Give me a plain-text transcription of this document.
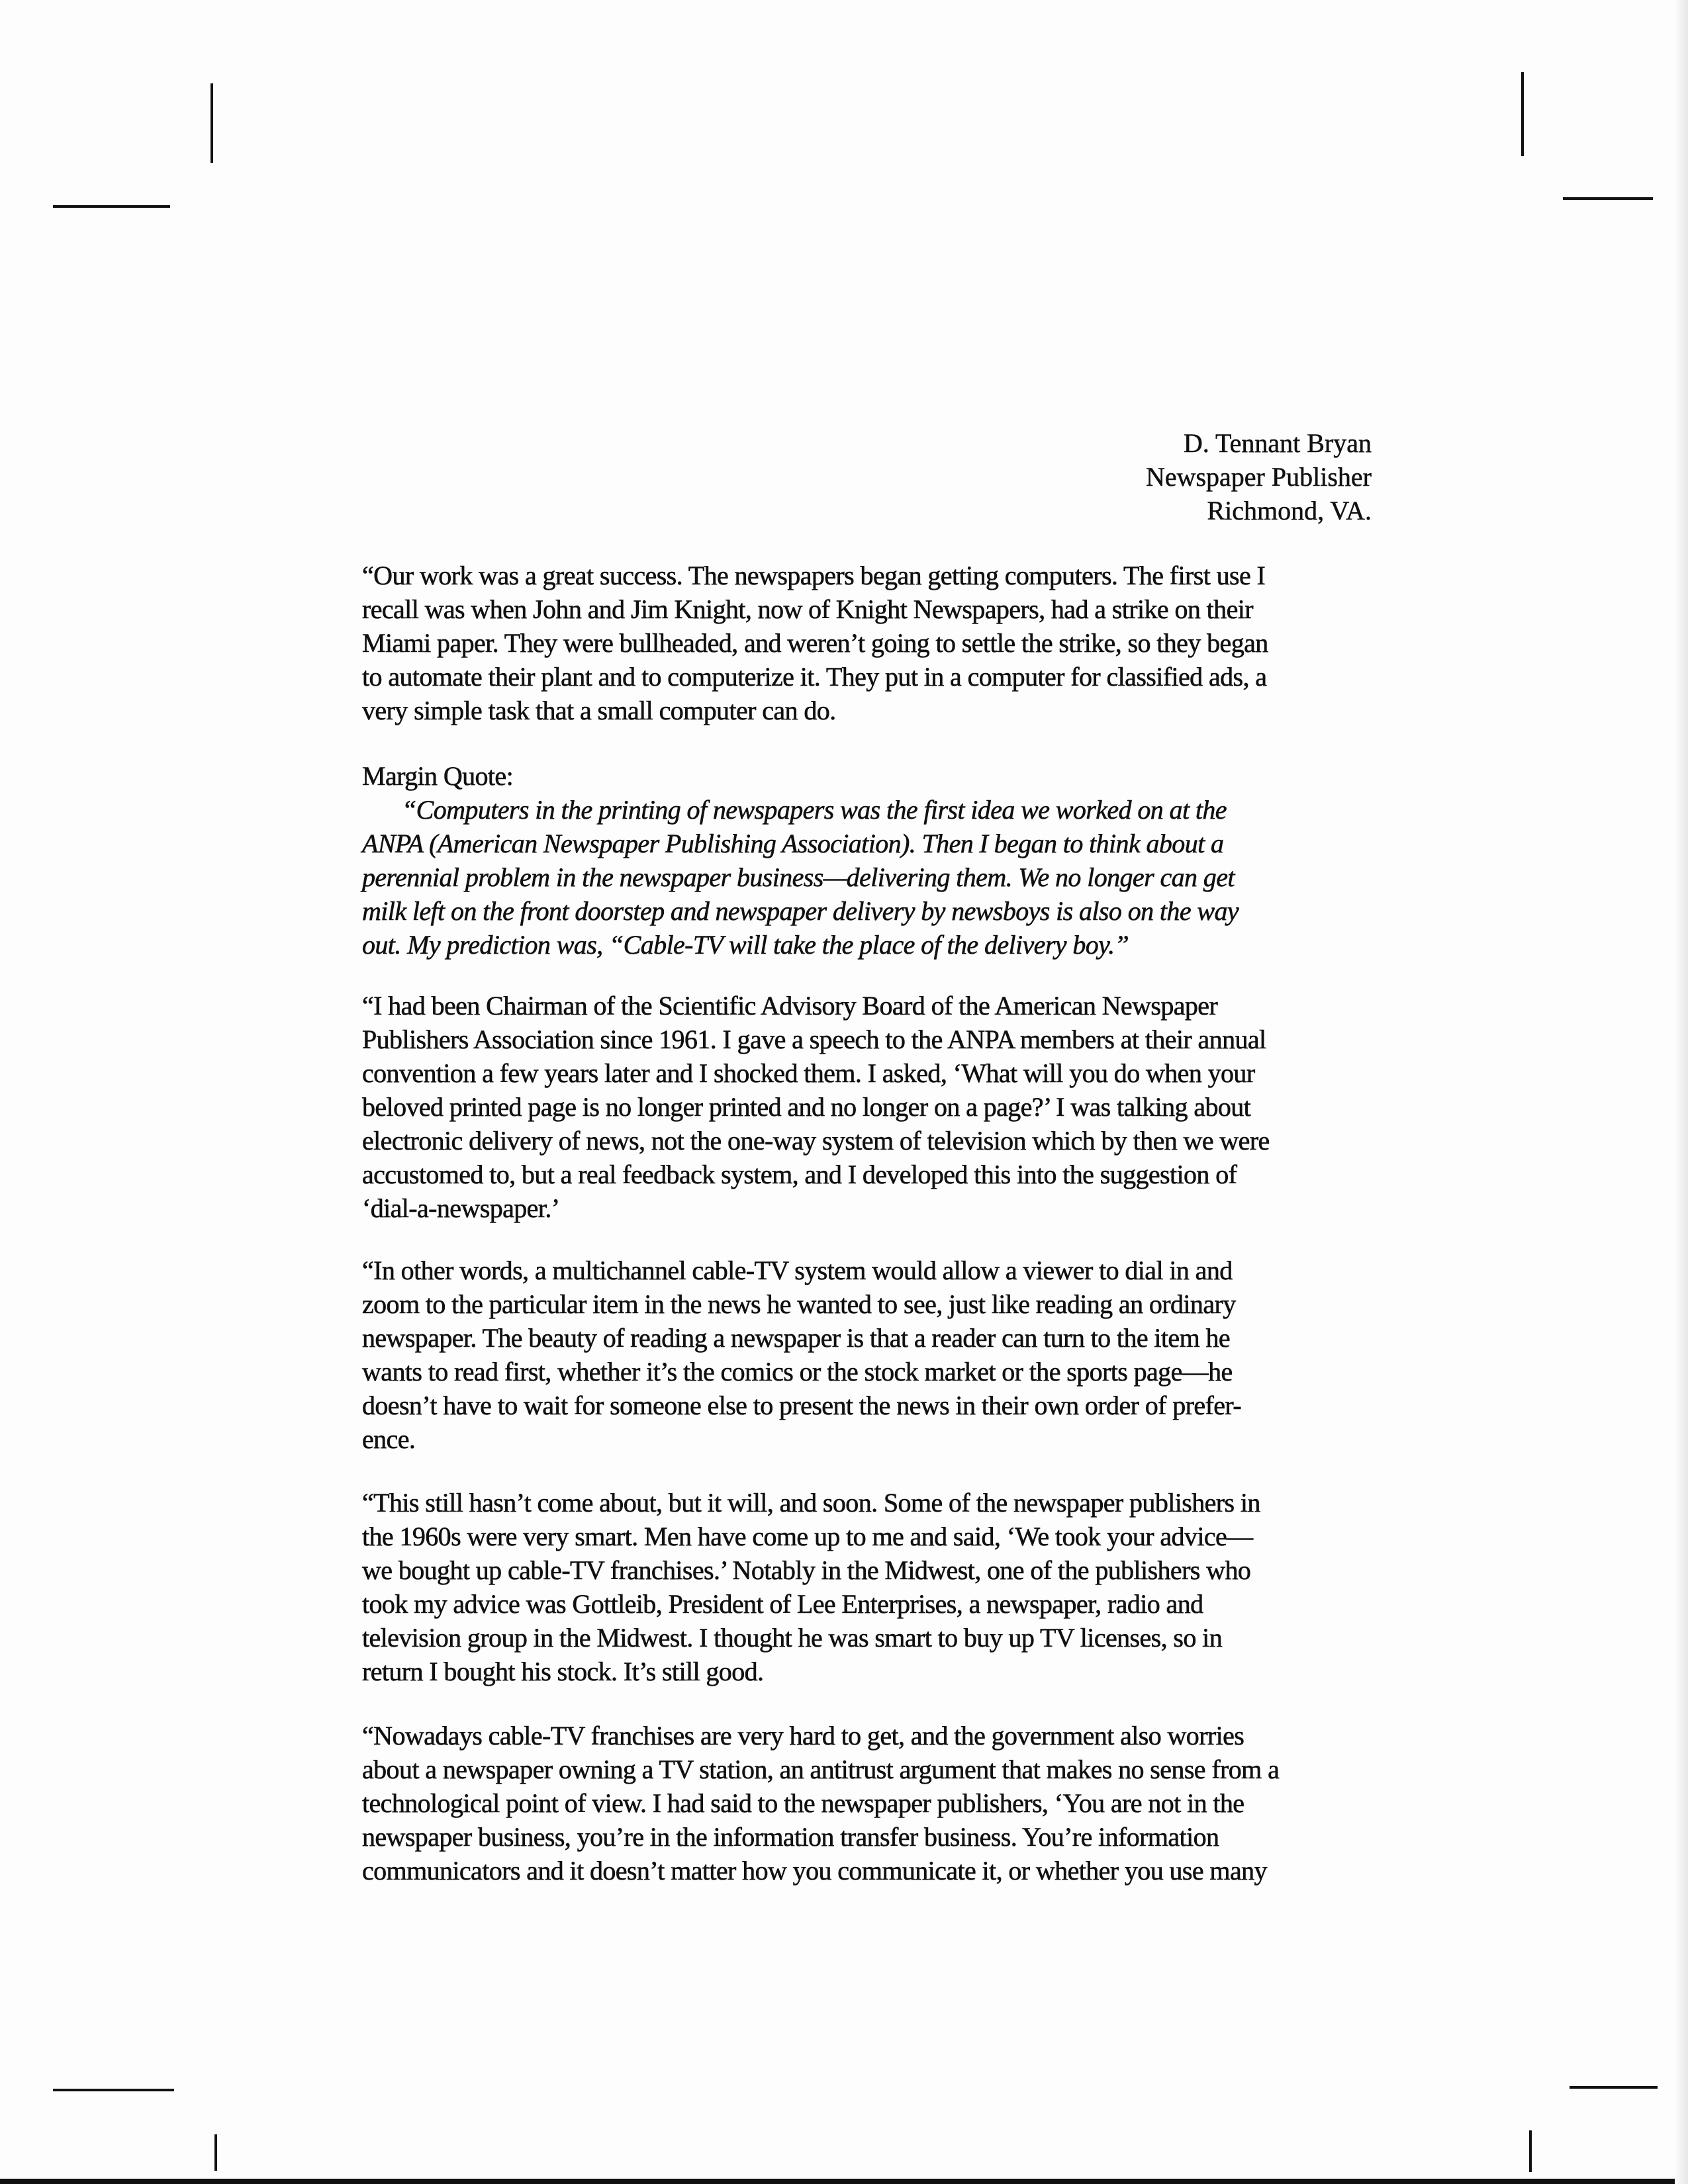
D. Tennant Bryan
Newspaper Publisher
Richmond, VA.
“Our work was a great success. The newspapers began getting computers. The first use I
recall was when John and Jim Knight, now of Knight Newspapers, had a strike on their
Miami paper. They were bullheaded, and weren’t going to settle the strike, so they began
to automate their plant and to computerize it. They put in a computer for classified ads, a
very simple task that a small computer can do.
Margin Quote:
“Computers in the printing of newspapers was the first idea we worked on at the
ANPA (American Newspaper Publishing Association). Then I began to think about a
perennial problem in the newspaper business—delivering them. We no longer can get
milk left on the front doorstep and newspaper delivery by newsboys is also on the way
out. My prediction was, “Cable-TV will take the place of the delivery boy.”
“I had been Chairman of the Scientific Advisory Board of the American Newspaper
Publishers Association since 1961. I gave a speech to the ANPA members at their annual
convention a few years later and I shocked them. I asked, ‘What will you do when your
beloved printed page is no longer printed and no longer on a page?’ I was talking about
electronic delivery of news, not the one-way system of television which by then we were
accustomed to, but a real feedback system, and I developed this into the suggestion of
‘dial-a-newspaper.’
“In other words, a multichannel cable-TV system would allow a viewer to dial in and
zoom to the particular item in the news he wanted to see, just like reading an ordinary
newspaper. The beauty of reading a newspaper is that a reader can turn to the item he
wants to read first, whether it’s the comics or the stock market or the sports page—he
doesn’t have to wait for someone else to present the news in their own order of prefer-
ence.
“This still hasn’t come about, but it will, and soon. Some of the newspaper publishers in
the 1960s were very smart. Men have come up to me and said, ‘We took your advice—
we bought up cable-TV franchises.’ Notably in the Midwest, one of the publishers who
took my advice was Gottleib, President of Lee Enterprises, a newspaper, radio and
television group in the Midwest. I thought he was smart to buy up TV licenses, so in
return I bought his stock. It’s still good.
“Nowadays cable-TV franchises are very hard to get, and the government also worries
about a newspaper owning a TV station, an antitrust argument that makes no sense from a
technological point of view. I had said to the newspaper publishers, ‘You are not in the
newspaper business, you’re in the information transfer business. You’re information
communicators and it doesn’t matter how you communicate it, or whether you use many
